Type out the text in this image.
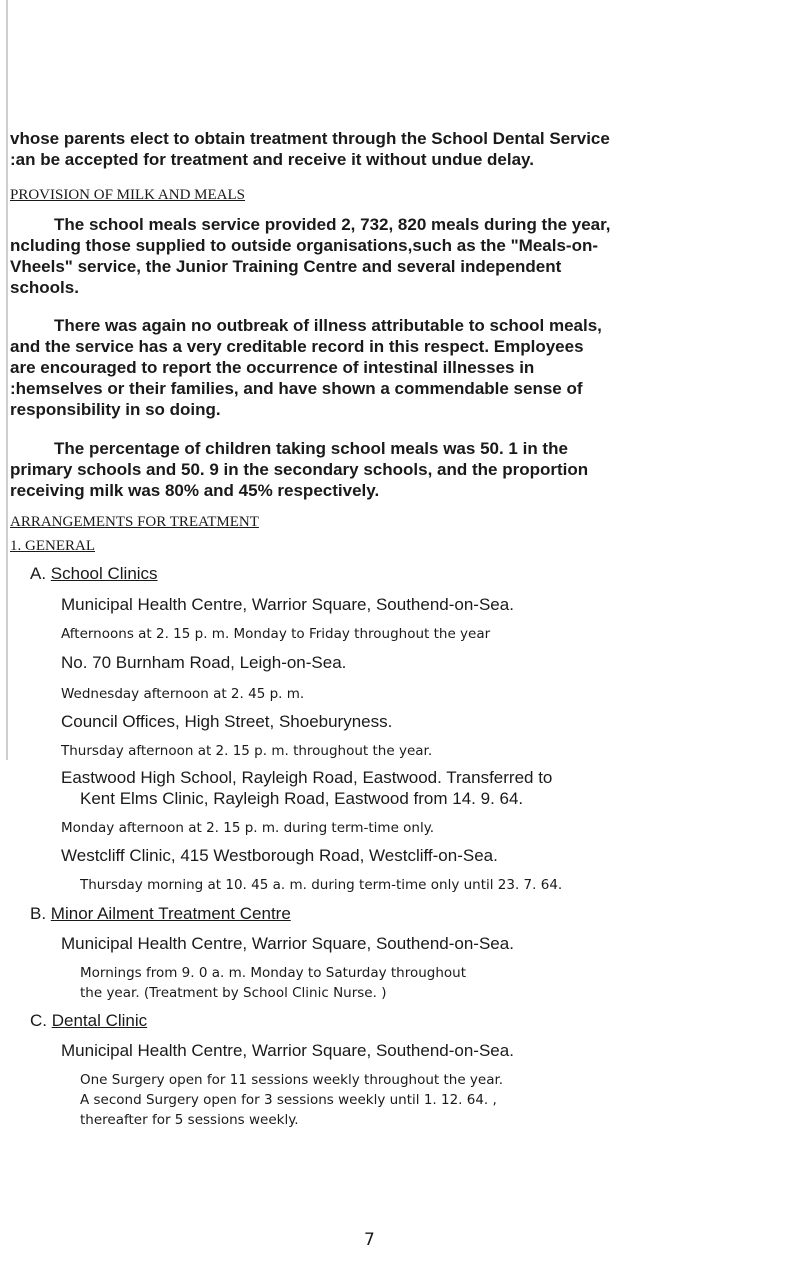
vhose parents elect to obtain treatment through the School Dental Service

:an be accepted for treatment and receive it without undue delay.

PROVISION OF MILK AND MEALS

The school meals service provided 2, 732, 820 meals during the year,

ncluding those supplied to outside organisations,such as the "Meals-on-

Vheels" service, the Junior Training Centre and several independent

schools.

There was again no outbreak of illness attributable to school meals,

and the service has a very creditable record in this respect. Employees

are encouraged to report the occurrence of intestinal illnesses in

:hemselves or their families, and have shown a commendable sense of

responsibility in so doing.

The percentage of children taking school meals was 50. 1 in the

primary schools and 50. 9 in the secondary schools, and the proportion

receiving milk was 80% and 45% respectively.

ARRANGEMENTS FOR TREATMENT

1. GENERAL

A. School Clinics

Municipal Health Centre, Warrior Square, Southend-on-Sea.

Afternoons at 2. 15 p. m. Monday to Friday throughout the year

No. 70 Burnham Road, Leigh-on-Sea.

Wednesday afternoon at 2. 45 p. m.

Council Offices, High Street, Shoeburyness.

Thursday afternoon at 2. 15 p. m. throughout the year.

Eastwood High School, Rayleigh Road, Eastwood. Transferred to

Kent Elms Clinic, Rayleigh Road, Eastwood from 14. 9. 64.

Monday afternoon at 2. 15 p. m. during term-time only.

Westcliff Clinic, 415 Westborough Road, Westcliff-on-Sea.

Thursday morning at 10. 45 a. m. during term-time only until 23. 7. 64.

B. Minor Ailment Treatment Centre

Municipal Health Centre, Warrior Square, Southend-on-Sea.

Mornings from 9. 0 a. m. Monday to Saturday throughout

the year. (Treatment by School Clinic Nurse. )

C. Dental Clinic

Municipal Health Centre, Warrior Square, Southend-on-Sea.

One Surgery open for 11 sessions weekly throughout the year.

A second Surgery open for 3 sessions weekly until 1. 12. 64. ,

thereafter for 5 sessions weekly.

7
